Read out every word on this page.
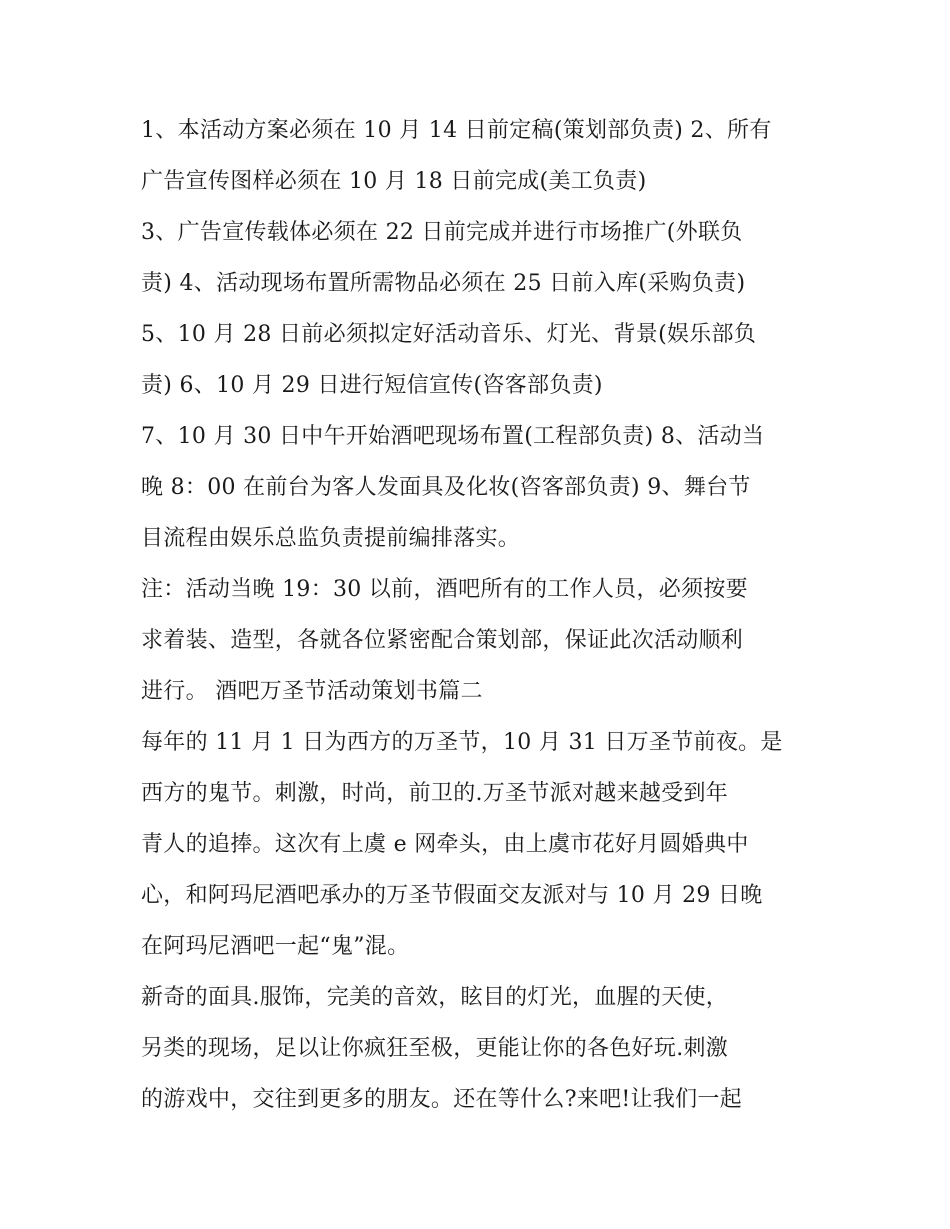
1、本活动方案必须在 10 月 14 日前定稿(策划部负责) 2、所有
广告宣传图样必须在 10 月 18 日前完成(美工负责)
3、广告宣传载体必须在 22 日前完成并进行市场推广(外联负
责) 4、活动现场布置所需物品必须在 25 日前入库(采购负责)
5、10 月 28 日前必须拟定好活动音乐、灯光、背景(娱乐部负
责) 6、10 月 29 日进行短信宣传(咨客部负责)
7、10 月 30 日中午开始酒吧现场布置(工程部负责) 8、活动当
晚 8：00 在前台为客人发面具及化妆(咨客部负责) 9、舞台节
目流程由娱乐总监负责提前编排落实。
注：活动当晚 19：30 以前，酒吧所有的工作人员，必须按要
求着装、造型，各就各位紧密配合策划部，保证此次活动顺利
进行。 酒吧万圣节活动策划书篇二
每年的 11 月 1 日为西方的万圣节，10 月 31 日万圣节前夜。是
西方的鬼节。刺激，时尚，前卫的.万圣节派对越来越受到年
青人的追捧。这次有上虞 e 网牵头，由上虞市花好月圆婚典中
心，和阿玛尼酒吧承办的万圣节假面交友派对与 10 月 29 日晚
在阿玛尼酒吧一起“鬼”混。
新奇的面具.服饰，完美的音效，眩目的灯光，血腥的天使，
另类的现场，足以让你疯狂至极，更能让你的各色好玩.刺激
的游戏中，交往到更多的朋友。还在等什么?来吧!让我们一起
